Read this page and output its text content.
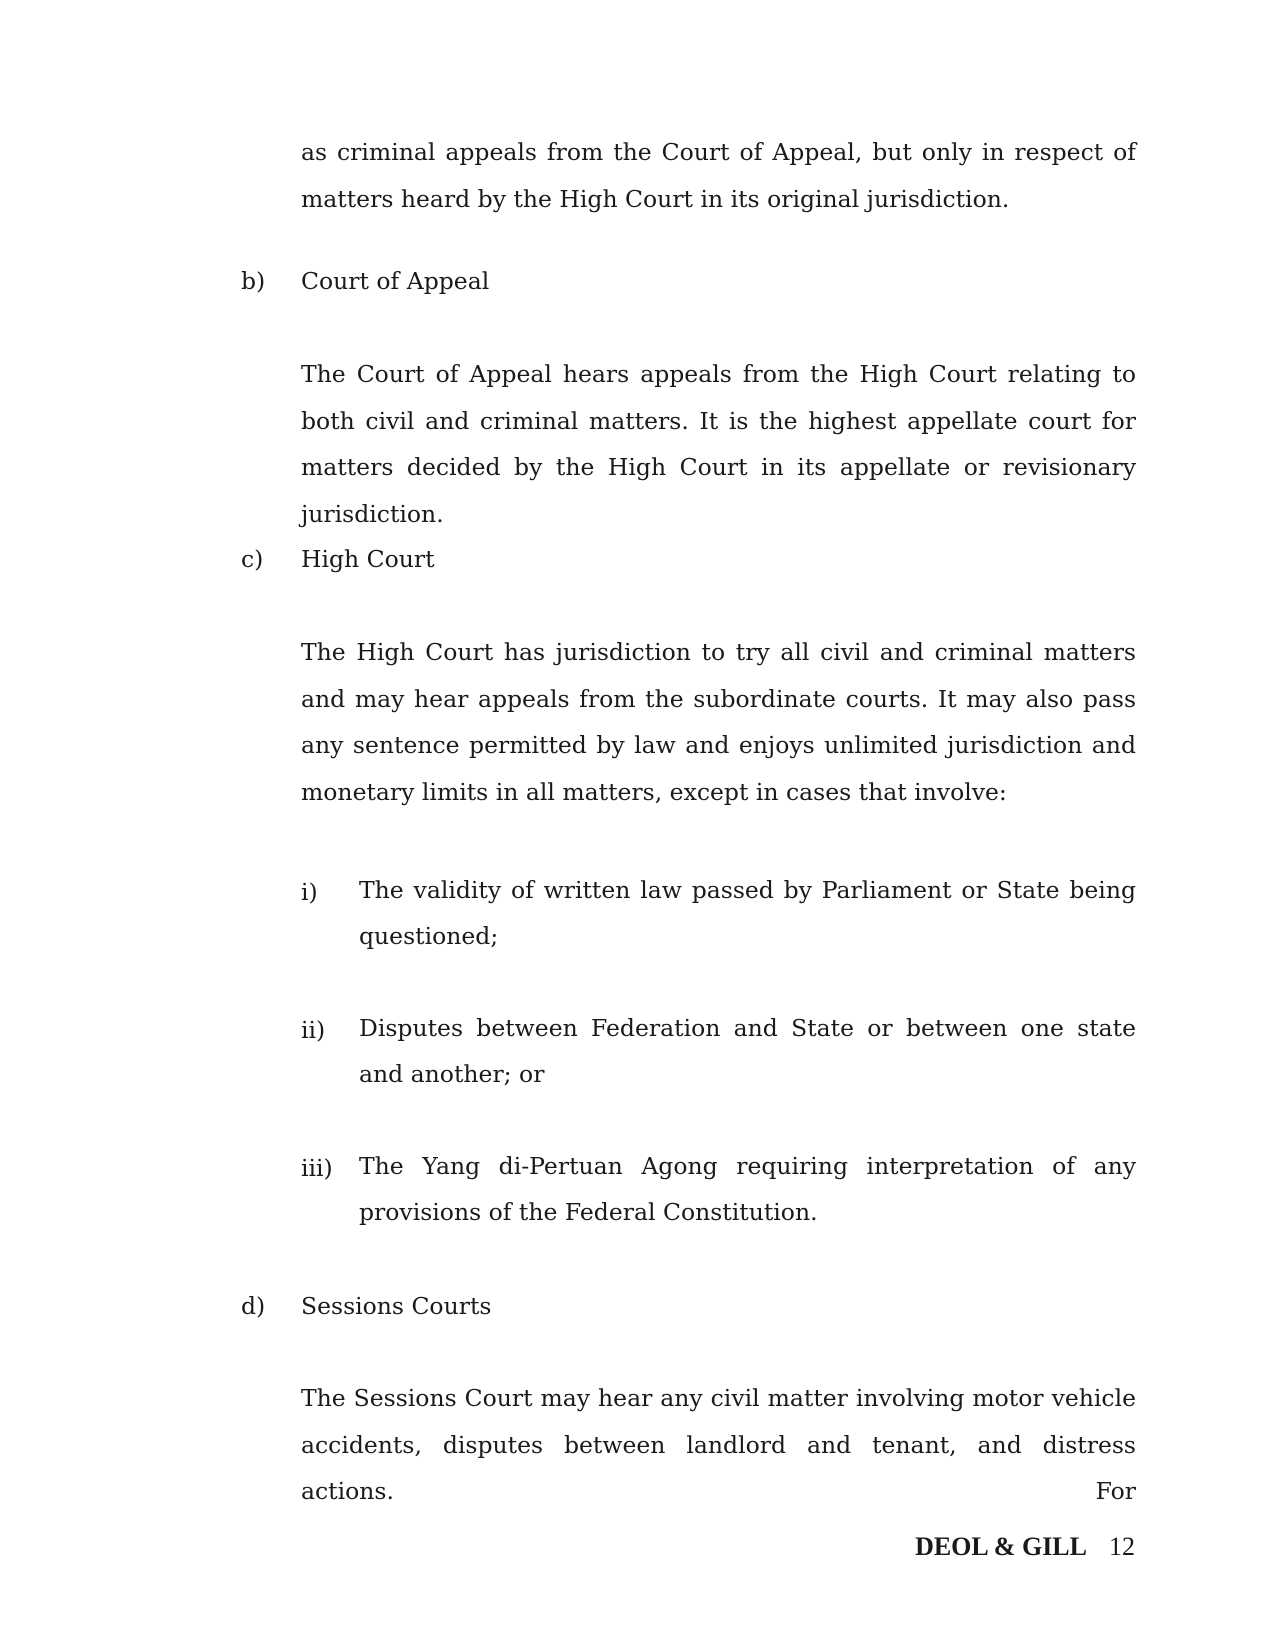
as criminal appeals from the Court of Appeal, but only in respect of matters heard by the High Court in its original jurisdiction.

b) Court of Appeal

The Court of Appeal hears appeals from the High Court relating to both civil and criminal matters. It is the highest appellate court for matters decided by the High Court in its appellate or revisionary jurisdiction.

c) High Court

The High Court has jurisdiction to try all civil and criminal matters and may hear appeals from the subordinate courts. It may also pass any sentence permitted by law and enjoys unlimited jurisdiction and monetary limits in all matters, except in cases that involve:

i) The validity of written law passed by Parliament or State being questioned;

ii) Disputes between Federation and State or between one state and another; or

iii) The Yang di-Pertuan Agong requiring interpretation of any provisions of the Federal Constitution.

d) Sessions Courts

The Sessions Court may hear any civil matter involving motor vehicle accidents, disputes between landlord and tenant, and distress actions. For

DEOL & GILL 12
